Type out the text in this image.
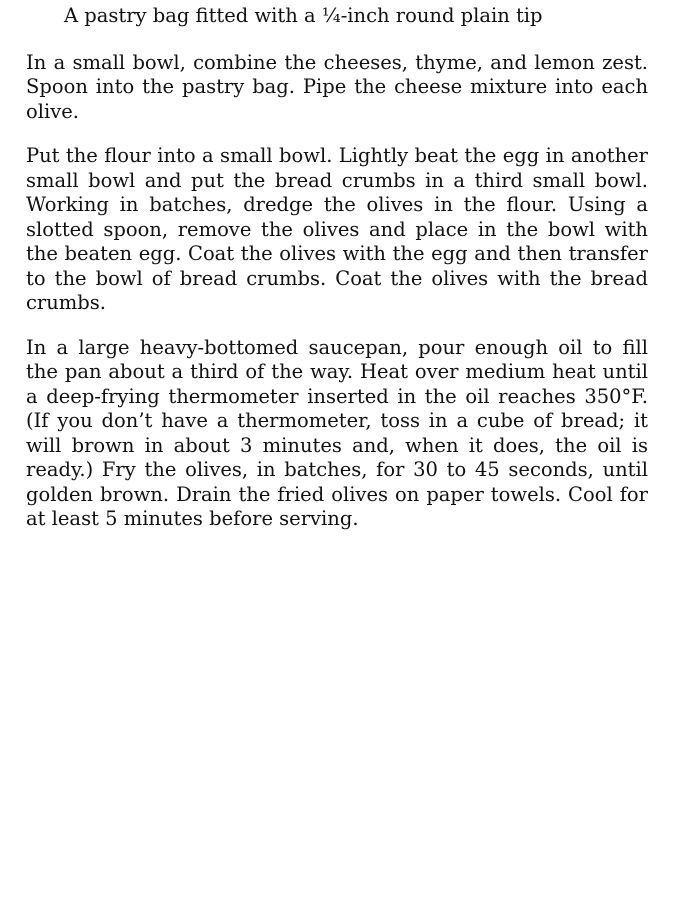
A pastry bag fitted with a ¼-inch round plain tip

In a small bowl, combine the cheeses, thyme, and lemon zest. Spoon into the pastry bag. Pipe the cheese mixture into each olive.

Put the flour into a small bowl. Lightly beat the egg in another small bowl and put the bread crumbs in a third small bowl. Working in batches, dredge the olives in the flour. Using a slotted spoon, remove the olives and place in the bowl with the beaten egg. Coat the olives with the egg and then transfer to the bowl of bread crumbs. Coat the olives with the bread crumbs.

In a large heavy-bottomed saucepan, pour enough oil to fill the pan about a third of the way. Heat over medium heat until a deep-frying thermometer inserted in the oil reaches 350°F. (If you don’t have a thermometer, toss in a cube of bread; it will brown in about 3 minutes and, when it does, the oil is ready.) Fry the olives, in batches, for 30 to 45 seconds, until golden brown. Drain the fried olives on paper towels. Cool for at least 5 minutes before serving.
